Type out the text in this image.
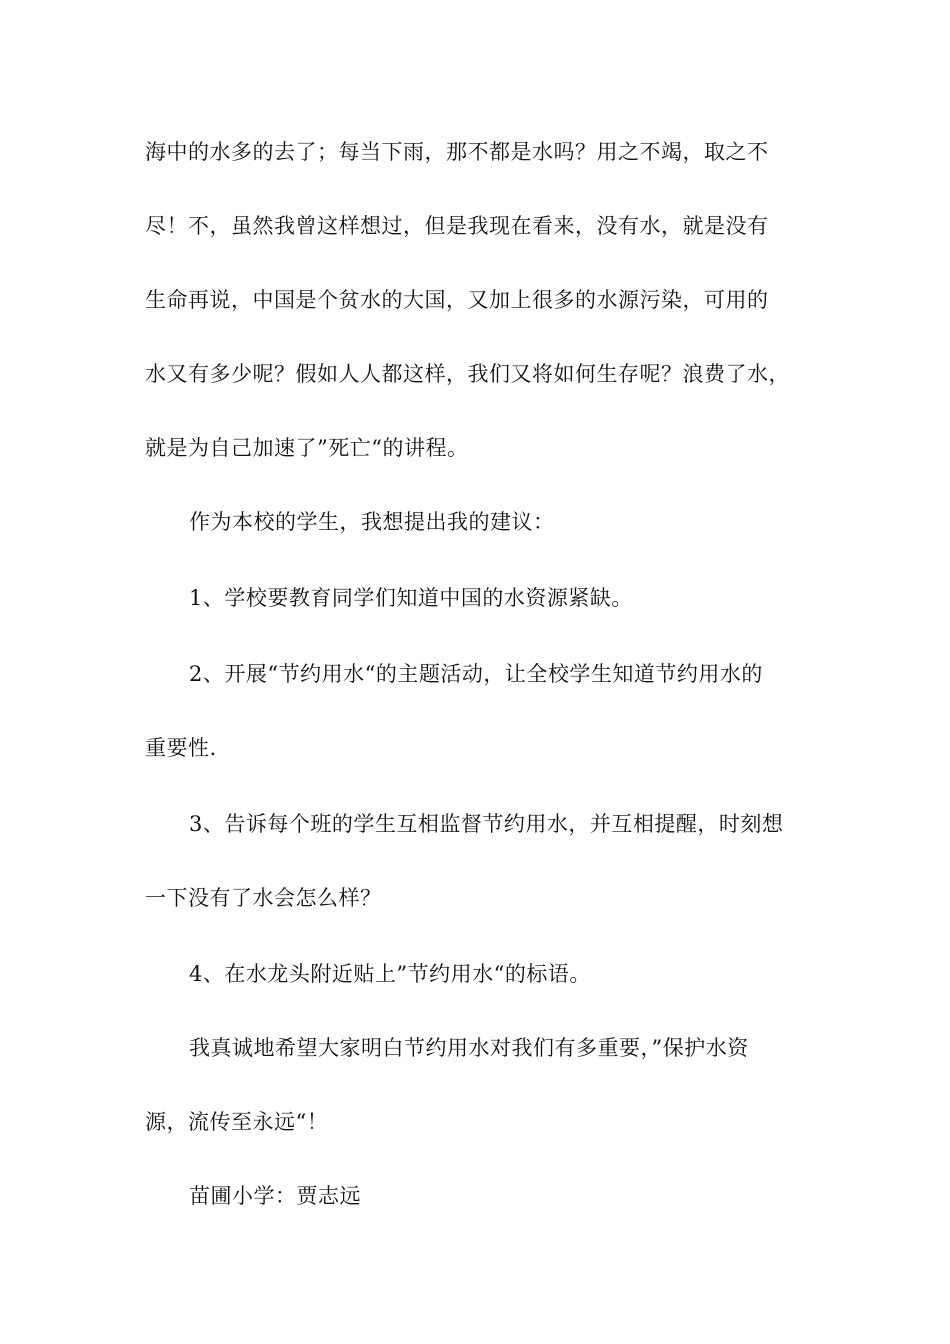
海中的水多的去了；每当下雨，那不都是水吗？用之不竭，取之不
尽！不，虽然我曾这样想过，但是我现在看来，没有水，就是没有
生命再说，中国是个贫水的大国，又加上很多的水源污染，可用的
水又有多少呢？假如人人都这样，我们又将如何生存呢？浪费了水，
就是为自己加速了”死亡“的讲程。
作为本校的学生，我想提出我的建议：
1、学校要教育同学们知道中国的水资源紧缺。
2、开展“节约用水“的主题活动，让全校学生知道节约用水的
重要性.
3、告诉每个班的学生互相监督节约用水，并互相提醒，时刻想
一下没有了水会怎么样？
4、在水龙头附近贴上”节约用水“的标语。
我真诚地希望大家明白节约用水对我们有多重要，”保护水资
源，流传至永远“！
苗圃小学：贾志远
